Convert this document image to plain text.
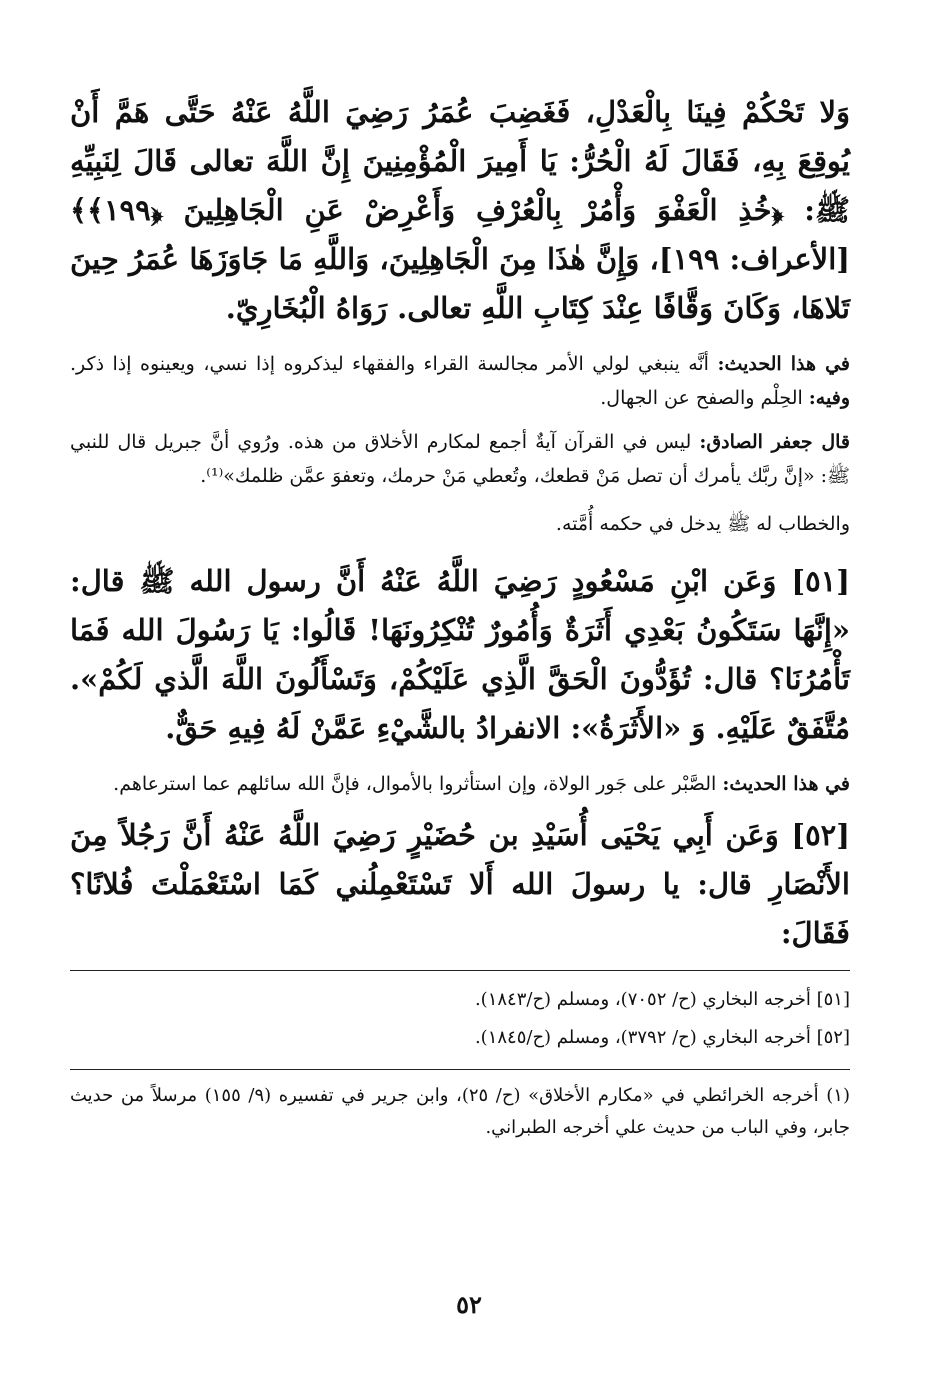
وَلا تَحْكُمْ فِينَا بِالْعَدْلِ، فَغَضِبَ عُمَرُ رَضِيَ اللَّهُ عَنْهُ حَتَّى هَمَّ أَنْ يُوقِعَ بِهِ، فَقَالَ لَهُ الْحُرُّ: يَا أَمِيرَ الْمُؤْمِنِينَ إِنَّ اللَّهَ تعالى قَالَ لِنَبِيِّهِ ﷺ: ﴿خُذِ الْعَفْوَ وَأْمُرْ بِالْعُرْفِ وَأَعْرِضْ عَنِ الْجَاهِلِينَ ﴿١٩٩﴾﴾ [الأعراف: ١٩٩]، وَإِنَّ هٰذَا مِنَ الْجَاهِلِينَ، وَاللَّهِ مَا جَاوَزَهَا عُمَرُ حِينَ تَلاهَا، وَكَانَ وَقَّافًا عِنْدَ كِتَابِ اللَّهِ تعالى. رَوَاهُ الْبُخَارِيّ.

في هذا الحديث: أنَّه ينبغي لولي الأمر مجالسة القراء والفقهاء ليذكروه إذا نسي، ويعينوه إذا ذكر. وفيه: الحِلْم والصفح عن الجهال.

قال جعفر الصادق: ليس في القرآن آيةٌ أجمع لمكارم الأخلاق من هذه. ورُوي أنَّ جبريل قال للنبي ﷺ: «إنَّ ربَّك يأمرك أن تصل مَنْ قطعك، وتُعطي مَنْ حرمك، وتعفوَ عمَّن ظلمك»⁽¹⁾.

والخطاب له ﷺ يدخل في حكمه أُمَّته.

[٥١] وَعَن ابْنِ مَسْعُودٍ رَضِيَ اللَّهُ عَنْهُ أَنَّ رسول الله ﷺ قال: «إِنَّهَا سَتَكُونُ بَعْدِي أَثَرَةٌ وَأُمُورٌ تُنْكِرُونَهَا! قَالُوا: يَا رَسُولَ الله فَمَا تَأْمُرُنَا؟ قال: تُؤَدُّونَ الْحَقَّ الَّذِي عَلَيْكُمْ، وَتَسْأَلُونَ اللَّهَ الَّذي لَكُمْ». مُتَّفَقٌ عَلَيْهِ. وَ «الأَثَرَةُ»: الانفرادُ بالشَّيْءِ عَمَّنْ لَهُ فِيهِ حَقٌّ.

في هذا الحديث: الصَّبْر على جَور الولاة، وإن استأثروا بالأموال، فإنَّ الله سائلهم عما استرعاهم.

[٥٢] وَعَن أَبِي يَحْيَى أُسَيْدِ بن حُضَيْرٍ رَضِيَ اللَّهُ عَنْهُ أَنَّ رَجُلاً مِنَ الأَنْصَارِ قال: يا رسولَ الله أَلا تَسْتَعْمِلُني كَمَا اسْتَعْمَلْتَ فُلانًا؟ فَقَالَ:

[٥١] أخرجه البخاري (ح/ ٧٠٥٢)، ومسلم (ح/١٨٤٣).
[٥٢] أخرجه البخاري (ح/ ٣٧٩٢)، ومسلم (ح/١٨٤٥).
(١) أخرجه الخرائطي في «مكارم الأخلاق» (ح/ ٢٥)، وابن جرير في تفسيره (٩/ ١٥٥) مرسلاً من حديث جابر، وفي الباب من حديث علي أخرجه الطبراني.
٥٢
